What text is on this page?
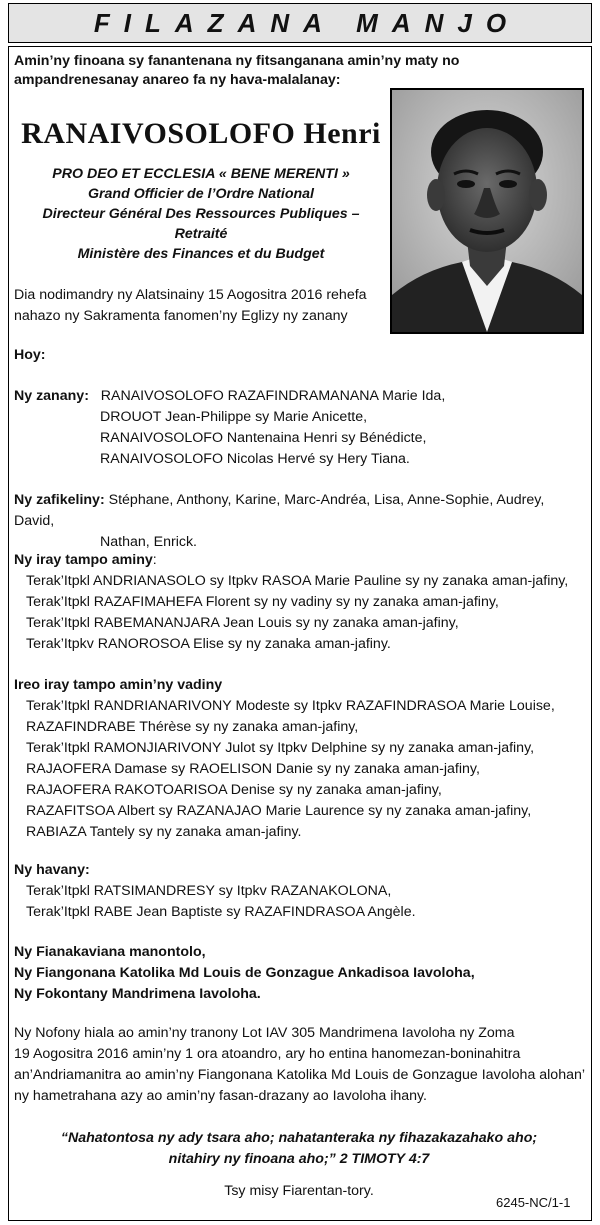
FILAZANA MANJO
Amin’ny finoana sy fanantenana ny fitsanganana amin’ny maty no ampandrenesanay anareo fa ny hava-malalanay:
RANAIVOSOLOFO Henri
PRO DEO ET ECCLESIA « BENE MERENTI »
Grand Officier de l’Ordre National
Directeur Général Des Ressources Publiques –
Retraité
Ministère des Finances et du Budget
Dia nodimandry ny Alatsinainy 15 Aogositra 2016 rehefa
nahazo ny Sakramenta fanomen’ny Eglizy ny zanany
Hoy:
Ny zanany: RANAIVOSOLOFO RAZAFINDRAMANANA Marie Ida,
DROUOT Jean-Philippe sy Marie Anicette,
RANAIVOSOLOFO Nantenaina Henri sy Bénédicte,
RANAIVOSOLOFO Nicolas Hervé sy Hery Tiana.
Ny zafikeliny: Stéphane, Anthony, Karine, Marc-Andréa, Lisa, Anne-Sophie, Audrey, David,
Nathan, Enrick.
Ny iray tampo aminy:
Terak’Itpkl ANDRIANASOLO sy Itpkv RASOA Marie Pauline sy ny zanaka aman-jafiny,
Terak’Itpkl RAZAFIMAHEFA Florent sy ny vadiny sy ny zanaka aman-jafiny,
Terak’Itpkl RABEMANANJARA Jean Louis sy ny zanaka aman-jafiny,
Terak’Itpkv RANOROSOA Elise sy ny zanaka aman-jafiny.
Ireo iray tampo amin’ny vadiny
Terak’Itpkl RANDRIANARIVONY Modeste sy Itpkv RAZAFINDRASOA Marie Louise,
RAZAFINDRABE Thérèse sy ny zanaka aman-jafiny,
Terak’Itpkl RAMONJIARIVONY Julot sy Itpkv Delphine sy ny zanaka aman-jafiny,
RAJAOFERA Damase sy RAOELISON Danie sy ny zanaka aman-jafiny,
RAJAOFERA RAKOTOARISOA Denise sy ny zanaka aman-jafiny,
RAZAFITSOA Albert sy RAZANAJAO Marie Laurence sy ny zanaka aman-jafiny,
RABIAZA Tantely sy ny zanaka aman-jafiny.
Ny havany:
Terak’Itpkl RATSIMANDRESY sy Itpkv RAZANAKOLONA,
Terak’Itpkl RABE Jean Baptiste sy RAZAFINDRASOA Angèle.
Ny Fianakaviana manontolo,
Ny Fiangonana Katolika Md Louis de Gonzague Ankadisoa Iavoloha,
Ny Fokontany Mandrimena Iavoloha.
Ny Nofony hiala ao amin’ny tranony Lot IAV 305 Mandrimena Iavoloha ny Zoma
19 Aogositra 2016 amin’ny 1 ora atoandro, ary ho entina hanomezan-boninahitra
an’Andriamanitra ao amin’ny Fiangonana Katolika Md Louis de Gonzague Iavoloha alohan’
ny hametrahana azy ao amin’ny fasan-drazany ao Iavoloha ihany.
“Nahatontosa ny ady tsara aho; nahatanteraka ny fihazakazahako aho;
nitahiry ny finoana aho;” 2 TIMOTY 4:7
Tsy misy Fiarentan-tory.
6245-NC/1-1
